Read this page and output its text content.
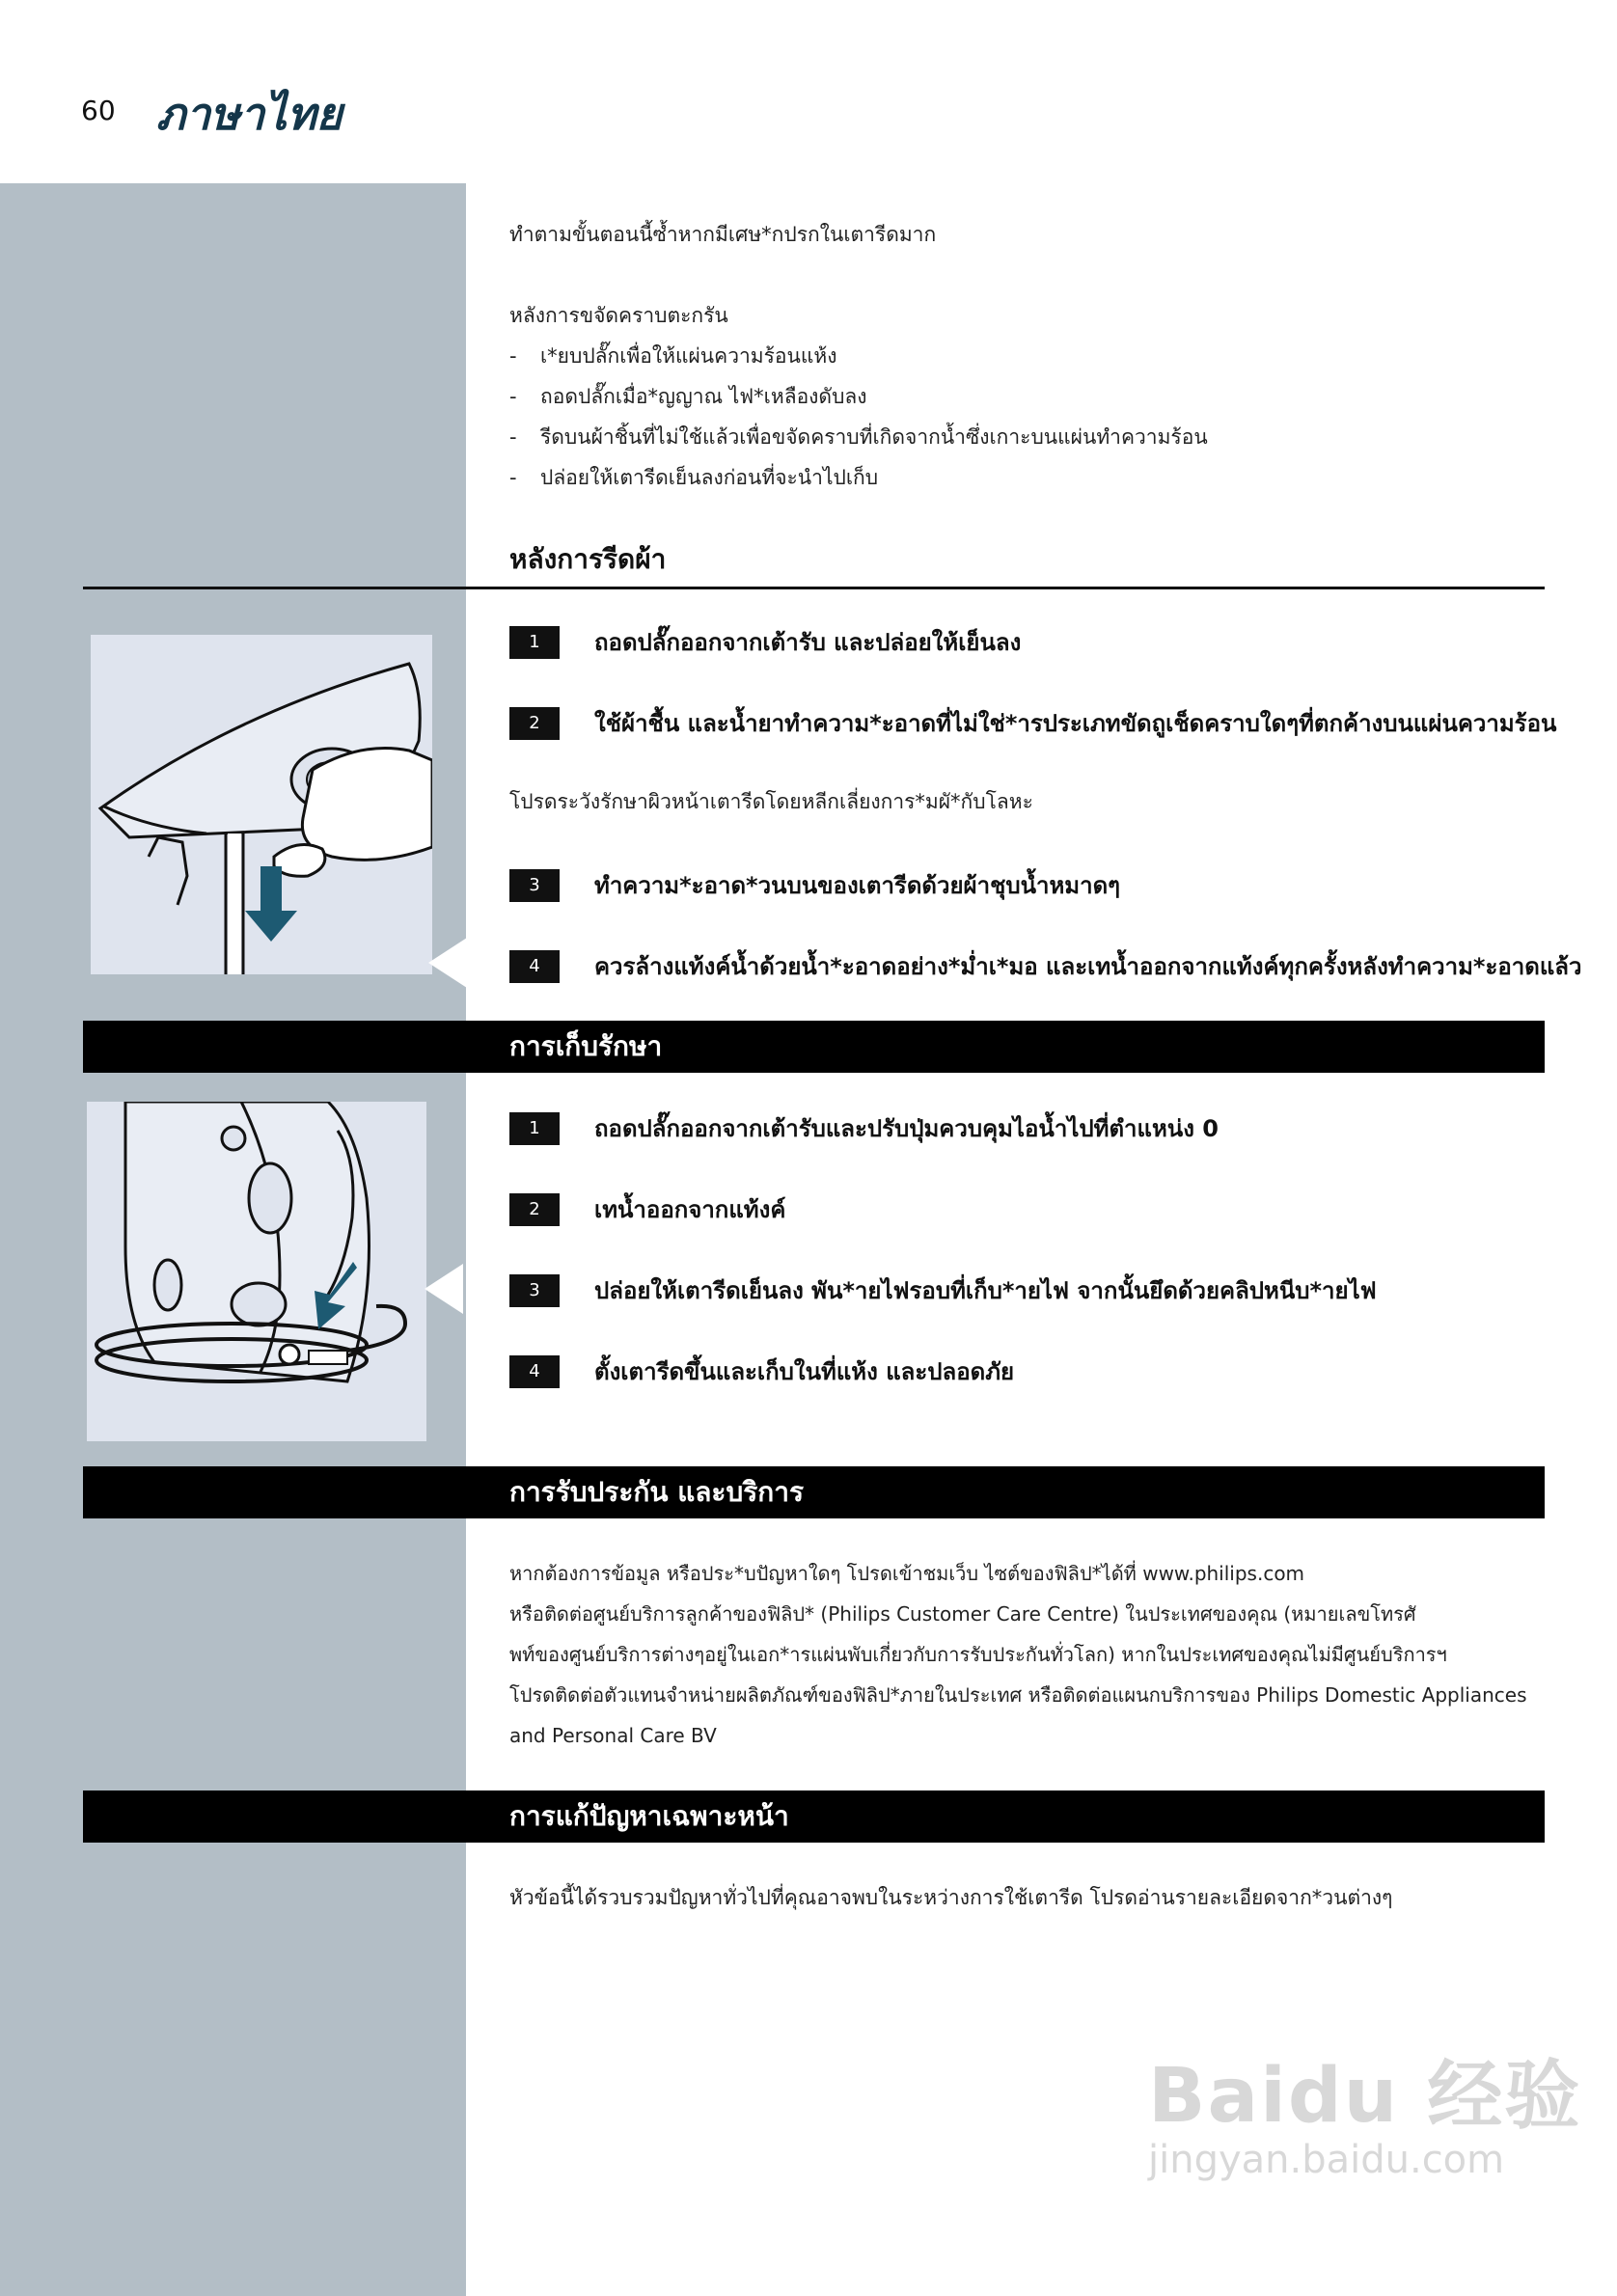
60 ภาษาไทย
ทำตามขั้นตอนนี้ซ้ำหากมีเศษ*กปรกในเตารีดมาก
หลังการขจัดคราบตะกรัน
-	เ*ยบปลั๊กเพื่อให้แผ่นความร้อนแห้ง
-	ถอดปลั๊กเมื่อ*ญญาณ ไฟ*เหลืองดับลง
-	รีดบนผ้าชิ้นที่ไม่ใช้แล้วเพื่อขจัดคราบที่เกิดจากน้ำซึ่งเกาะบนแผ่นทำความร้อน
-	ปล่อยให้เตารีดเย็นลงก่อนที่จะนำไปเก็บ
หลังการรีดผ้า
1	ถอดปลั๊กออกจากเต้ารับ และปล่อยให้เย็นลง
2	ใช้ผ้าชื้น และน้ำยาทำความ*ะอาดที่ไม่ใช่*ารประเภทขัดถูเช็ดคราบใดๆที่ตกค้างบนแผ่นความร้อน
โปรดระวังรักษาผิวหน้าเตารีดโดยหลีกเลี่ยงการ*มผั*กับโลหะ
3	ทำความ*ะอาด*วนบนของเตารีดด้วยผ้าชุบน้ำหมาดๆ
4	ควรล้างแท้งค์น้ำด้วยน้ำ*ะอาดอย่าง*ม่ำเ*มอ และเทน้ำออกจากแท้งค์ทุกครั้งหลังทำความ*ะอาดแล้ว
การเก็บรักษา
1	ถอดปลั๊กออกจากเต้ารับและปรับปุ่มควบคุมไอน้ำไปที่ตำแหน่ง 0
2	เทน้ำออกจากแท้งค์
3	ปล่อยให้เตารีดเย็นลง พัน*ายไฟรอบที่เก็บ*ายไฟ จากนั้นยึดด้วยคลิปหนีบ*ายไฟ
4	ตั้งเตารีดขึ้นและเก็บในที่แห้ง และปลอดภัย
การรับประกัน และบริการ
หากต้องการข้อมูล หรือประ*บปัญหาใดๆ โปรดเข้าชมเว็บ ไซต์ของฟิลิป*ได้ที่ www.philips.com
หรือติดต่อศูนย์บริการลูกค้าของฟิลิป* (Philips Customer Care Centre) ในประเทศของคุณ (หมายเลขโทรศั
พท์ของศูนย์บริการต่างๆอยู่ในเอก*ารแผ่นพับเกี่ยวกับการรับประกันทั่วโลก) หากในประเทศของคุณไม่มีศูนย์บริการฯ
โปรดติดต่อตัวแทนจำหน่ายผลิตภัณฑ์ของฟิลิป*ภายในประเทศ หรือติดต่อแผนกบริการของ Philips Domestic Appliances
and Personal Care BV
การแก้ปัญหาเฉพาะหน้า
หัวข้อนี้ได้รวบรวมปัญหาทั่วไปที่คุณอาจพบในระหว่างการใช้เตารีด โปรดอ่านรายละเอียดจาก*วนต่างๆ
Baidu 经验
jingyan.baidu.com
